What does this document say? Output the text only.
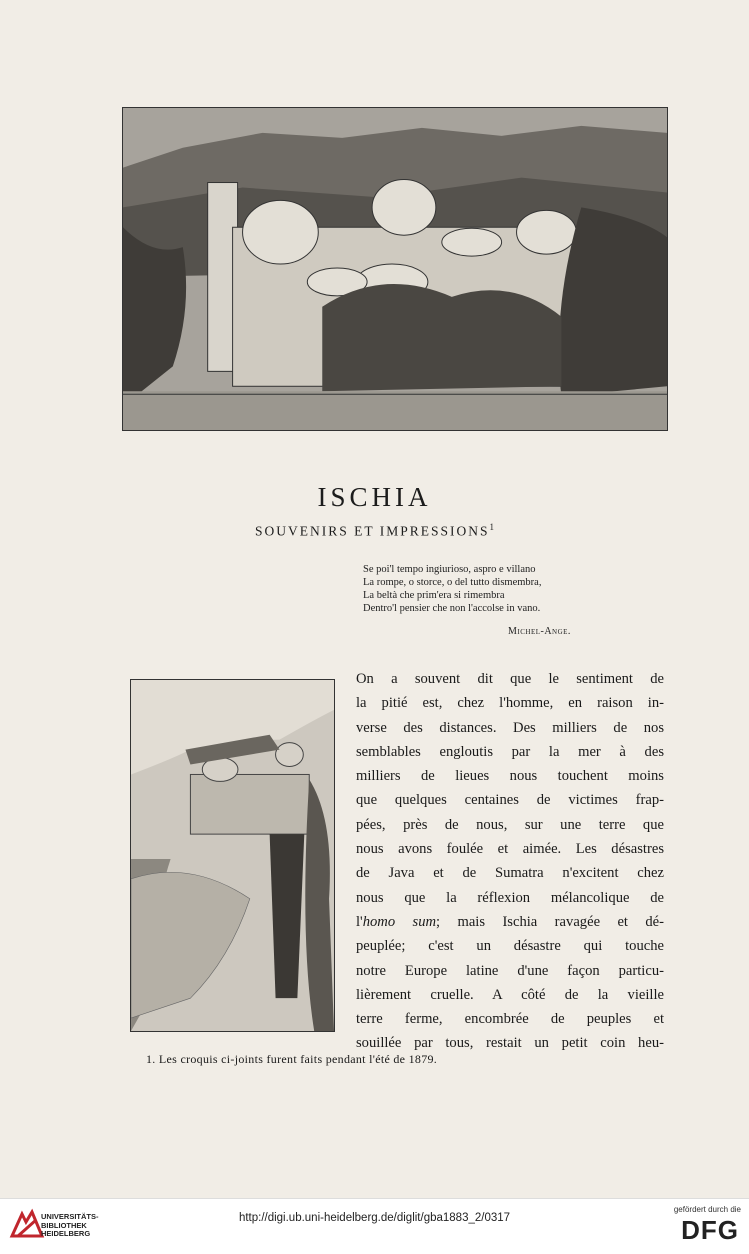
ISCHIA
SOUVENIRS ET IMPRESSIONS$^1$
Se poi'l tempo ingiurioso, aspro e villano
La rompe, o storce, o del tutto dismembra,
La beltà che prim'era si rimembra
Dentro'l pensier che non l'accolse in vano.
Michel-Ange.
On a souvent dit que le sentiment de
la pitié est, chez l'homme, en raison in-
verse des distances. Des milliers de nos
semblables engloutis par la mer à des
milliers de lieues nous touchent moins
que quelques centaines de victimes frap-
pées, près de nous, sur une terre que
nous avons foulée et aimée. Les désastres
de Java et de Sumatra n'excitent chez
nous que la réflexion mélancolique de
l'homo sum; mais Ischia ravagée et dé-
peuplée; c'est un désastre qui touche
notre Europe latine d'une façon particu-
lièrement cruelle. A côté de la vieille
terre ferme, encombrée de peuples et
souillée par tous, restait un petit coin heu-
1. Les croquis ci-joints furent faits pendant l'été de 1879.
UNIVERSITÄTS-
BIBLIOTHEK
HEIDELBERG
http://digi.ub.uni-heidelberg.de/diglit/gba1883_2/0317
gefördert durch die
DFG
